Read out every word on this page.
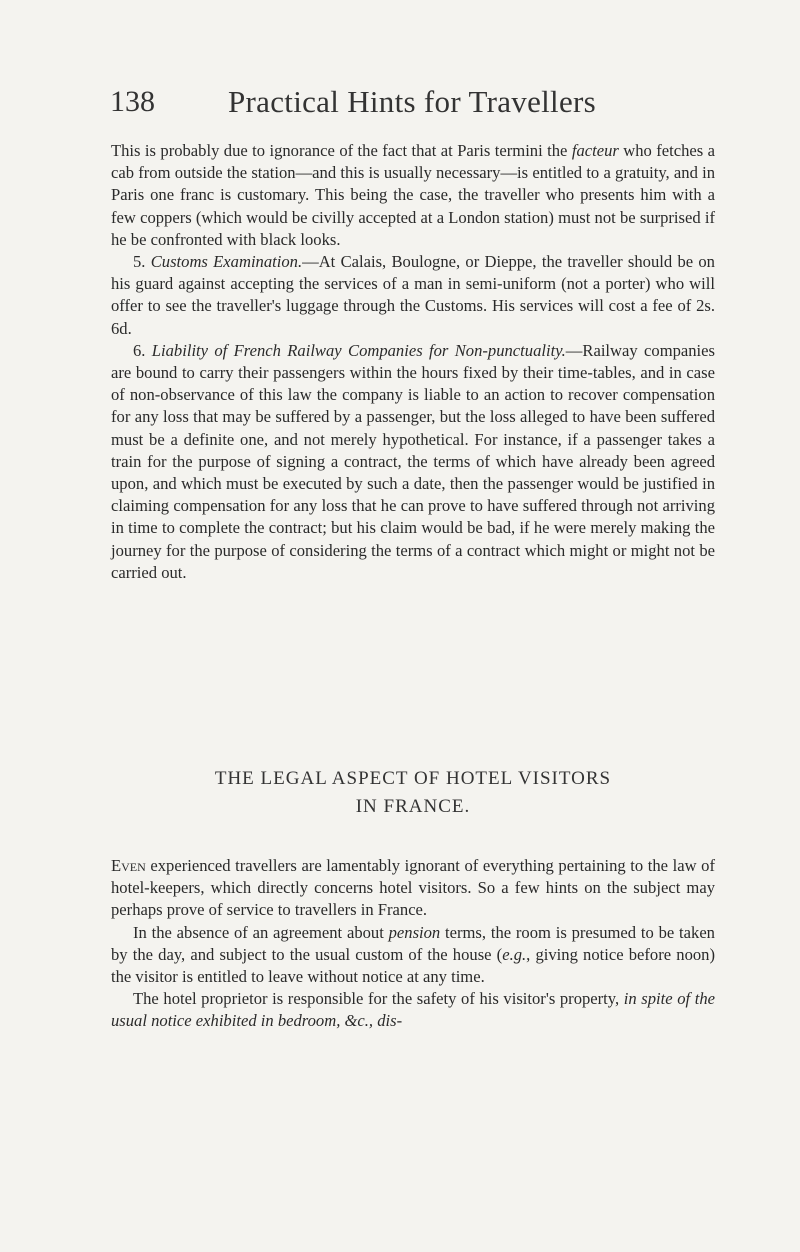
138 Practical Hints for Travellers

This is probably due to ignorance of the fact that at Paris termini the facteur who fetches a cab from outside the station—and this is usually necessary—is entitled to a gratuity, and in Paris one franc is customary. This being the case, the traveller who presents him with a few coppers (which would be civilly accepted at a London station) must not be surprised if he be confronted with black looks.

5. Customs Examination.—At Calais, Boulogne, or Dieppe, the traveller should be on his guard against accepting the services of a man in semi-uniform (not a porter) who will offer to see the traveller's luggage through the Customs. His services will cost a fee of 2s. 6d.

6. Liability of French Railway Companies for Non-punctuality.—Railway companies are bound to carry their passengers within the hours fixed by their time-tables, and in case of non-observance of this law the company is liable to an action to recover compensation for any loss that may be suffered by a passenger, but the loss alleged to have been suffered must be a definite one, and not merely hypothetical. For instance, if a passenger takes a train for the purpose of signing a contract, the terms of which have already been agreed upon, and which must be executed by such a date, then the passenger would be justified in claiming compensation for any loss that he can prove to have suffered through not arriving in time to complete the contract; but his claim would be bad, if he were merely making the journey for the purpose of considering the terms of a contract which might or might not be carried out.

THE LEGAL ASPECT OF HOTEL VISITORS
IN FRANCE.

Even experienced travellers are lamentably ignorant of everything pertaining to the law of hotel-keepers, which directly concerns hotel visitors. So a few hints on the subject may perhaps prove of service to travellers in France.

In the absence of an agreement about pension terms, the room is presumed to be taken by the day, and subject to the usual custom of the house (e.g., giving notice before noon) the visitor is entitled to leave without notice at any time.

The hotel proprietor is responsible for the safety of his visitor's property, in spite of the usual notice exhibited in bedroom, &c., dis-
